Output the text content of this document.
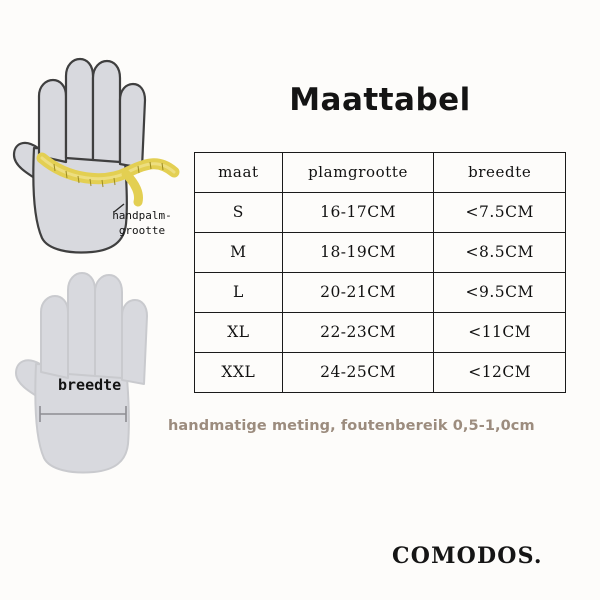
handpalm-
grootte
breedte
Maattabel
maat	plamgrootte	breedte
S	16-17CM	<7.5CM
M	18-19CM	<8.5CM
L	20-21CM	<9.5CM
XL	22-23CM	<11CM
XXL	24-25CM	<12CM
handmatige meting, foutenbereik 0,5-1,0cm
COMODOS.
